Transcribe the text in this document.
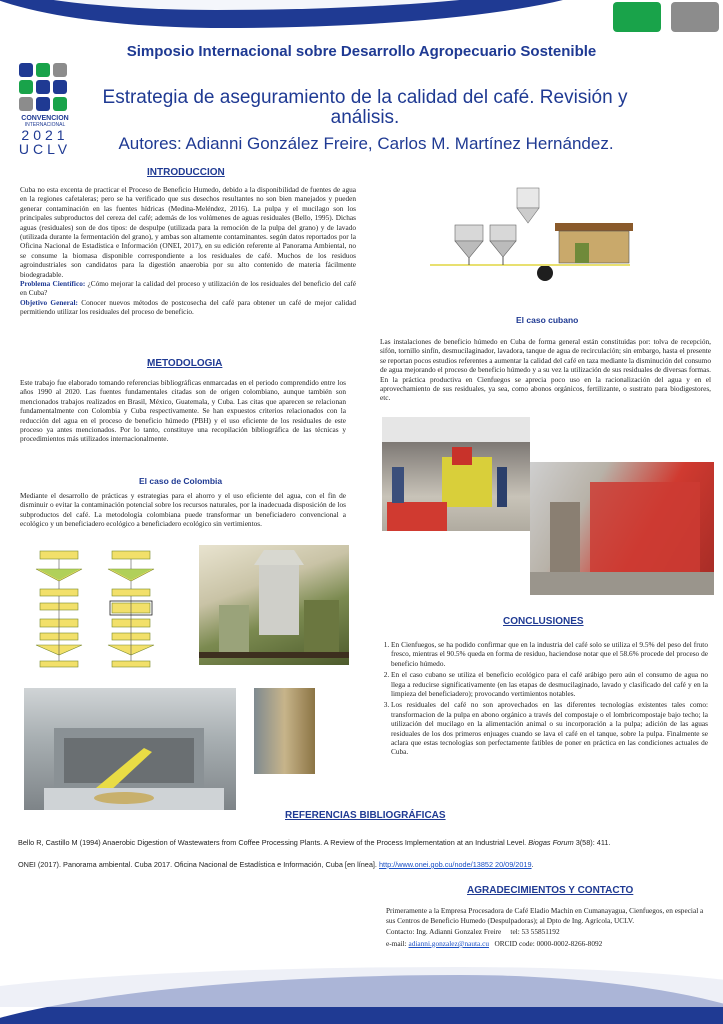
Simposio Internacional sobre Desarrollo Agropecuario Sostenible
CONVENCION
INTERNACIONAL
2021
UCLV
Estrategia de aseguramiento de la calidad del café. Revisión y análisis.
Autores: Adianni González Freire, Carlos M. Martínez Hernández.
INTRODUCCION
Cuba no esta excenta de practicar el Proceso de Beneficio Humedo, debido a la disponibilidad de fuentes de agua en la regiones cafetaleras; pero se ha verificado que sus desechos resultantes no son bien manejados y pueden generar contaminación en las fuentes hídricas (Medina-Meléndez, 2016). La pulpa y el mucilago son los principales subproductos del cereza del café; además de los volúmenes de aguas residuales (Bello, 1995). Dichas aguas (residuales) son de dos tipos: de despulpe (utilizada para la remoción de la pulpa del grano) y de lavado (utilizada durante la fermentación del grano), y ambas son altamente contaminantes. según datos reportados por la Oficina Nacional de Estadística e Información (ONEI, 2017), en su edición referente al Panorama Ambiental, no se consume la biomasa disponible correspondiente a los residuales de café. Muchos de los residuos agroindustriales son candidatos para la digestión anaerobia por su alto contenido de materia fácilmente biodegradable.
Problema Científico: ¿Cómo mejorar la calidad del proceso y utilización de los residuales del beneficio del café en Cuba?
Objetivo General: Conocer nuevos métodos de postcosecha del café para obtener un café de mejor calidad permitiendo utilizar los residuales del proceso de beneficio.
METODOLOGIA
Este trabajo fue elaborado tomando referencias bibliográficas enmarcadas en el periodo comprendido entre los años 1990 al 2020. Las fuentes fundamentales citadas son de origen colombiano, aunque también son mencionados trabajos realizados en Brasil, México, Guatemala, y Cuba. Las citas que aparecen se relacionan fundamentalmente con Colombia y Cuba respectivamente. Se han expuestos criterios relacionados con la reducción del agua en el proceso de beneficio húmedo (PBH) y el uso eficiente de los residuales de este proceso ya antes mencionados. Por lo tanto, constituye una recopilación bibliográfica de las técnicas y procedimientos más utilizados internacionalmente.
El caso de Colombia
Mediante el desarrollo de prácticas y estrategias para el ahorro y el uso eficiente del agua, con el fin de disminuir o evitar la contaminación potencial sobre los recursos naturales, por la inadecuada disposición de los subproductos del café. La metodología colombiana puede transformar un beneficiadero convencional a ecológico y un beneficiadero ecológico a beneficiadero ecológico sin vertimientos.
El caso cubano
Las instalaciones de beneficio húmedo en Cuba de forma general están constituidas por: tolva de recepción, sifón, tornillo sinfín, desmucilaginador, lavadora, tanque de agua de recirculación; sin embargo, hasta el presente se reportan pocos estudios referentes a aumentar la calidad del café en taza mediante la disminución del consumo de agua mejorando el proceso de beneficio húmedo y a su vez la utilización de sus residuales de diversas formas. En la práctica productiva en Cienfuegos se aprecia poco uso en la racionalización del agua y en el aprovechamiento de sus residuales, ya sea, como abonos orgánicos, fertilizante, o sustrato para biodigestores, etc.
CONCLUSIONES
1. En Cienfuegos, se ha podido confirmar que en la industria del café solo se utiliza el 9.5% del peso del fruto fresco, mientras el 90.5% queda en forma de residuo, haciendose notar que el 58.6% procede del proceso de beneficio húmedo.
2. En el caso cubano se utiliza el beneficio ecológico para el café arábigo pero aún el consumo de agua no llega a reducirse significativamente (en las etapas de desmucilaginado, lavado y clasificado del café y en la limpieza del beneficiadero); provocando vertimientos notables.
3. Los residuales del café no son aprovechados en las diferentes tecnologías existentes tales como: transformacion de la pulpa en abono orgánico a través del compostaje o el lombricompostaje bajo techo; la utilización del mucilago en la alimentación animal o su incorporación a la pulpa; adición de las aguas residuales de los dos primeros enjuages cuando se lava el café en el tanque, sobre la pulpa. Finalmente se aclara que estas tecnologías son perfectamente fatibles de poner en práctica en las condiciones actuales de Cuba.
REFERENCIAS BIBLIOGRÁFICAS
Bello R, Castillo M (1994) Anaerobic Digestion of Wastewaters from Coffee Processing Plants. A Review of the Process Implementation at an Industrial Level. Biogas Forum 3(58): 411.
ONEI (2017). Panorama ambiental. Cuba 2017. Oficina Nacional de Estadística e Información, Cuba [en línea]. http://www.onei.gob.cu/node/13852 20/09/2019.
AGRADECIMIENTOS Y CONTACTO

Primeramente a la Empresa Procesadora de Café Eladio Machin en Cumanayagua, Cienfuegos, en especial a sus Centros de Beneficio Humedo (Despulpadoras); al Dpto de Ing. Agrícola, UCLV.

Contacto: Ing. Adianni Gonzalez Freire     tel: 53 55851192

e-mail: adianni.gonzalez@nauta.cu ORCID code: 0000-0002-8266-8092
